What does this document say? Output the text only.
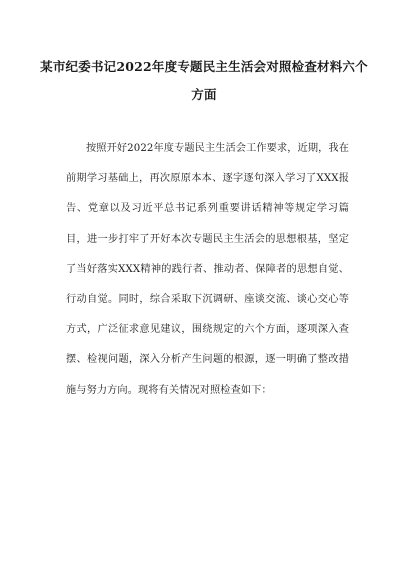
某市纪委书记2022年度专题民主生活会对照检查材料六个方面

按照开好2022年度专题民主生活会工作要求，近期，我在前期学习基础上，再次原原本本、逐字逐句深入学习了XXX报告、党章以及习近平总书记系列重要讲话精神等规定学习篇目，进一步打牢了开好本次专题民主生活会的思想根基，坚定了当好落实XXX精神的践行者、推动者、保障者的思想自觉、行动自觉。同时，综合采取下沉调研、座谈交流、谈心交心等方式，广泛征求意见建议，围绕规定的六个方面，逐项深入查摆、检视问题，深入分析产生问题的根源，逐一明确了整改措施与努力方向。现将有关情况对照检查如下：
